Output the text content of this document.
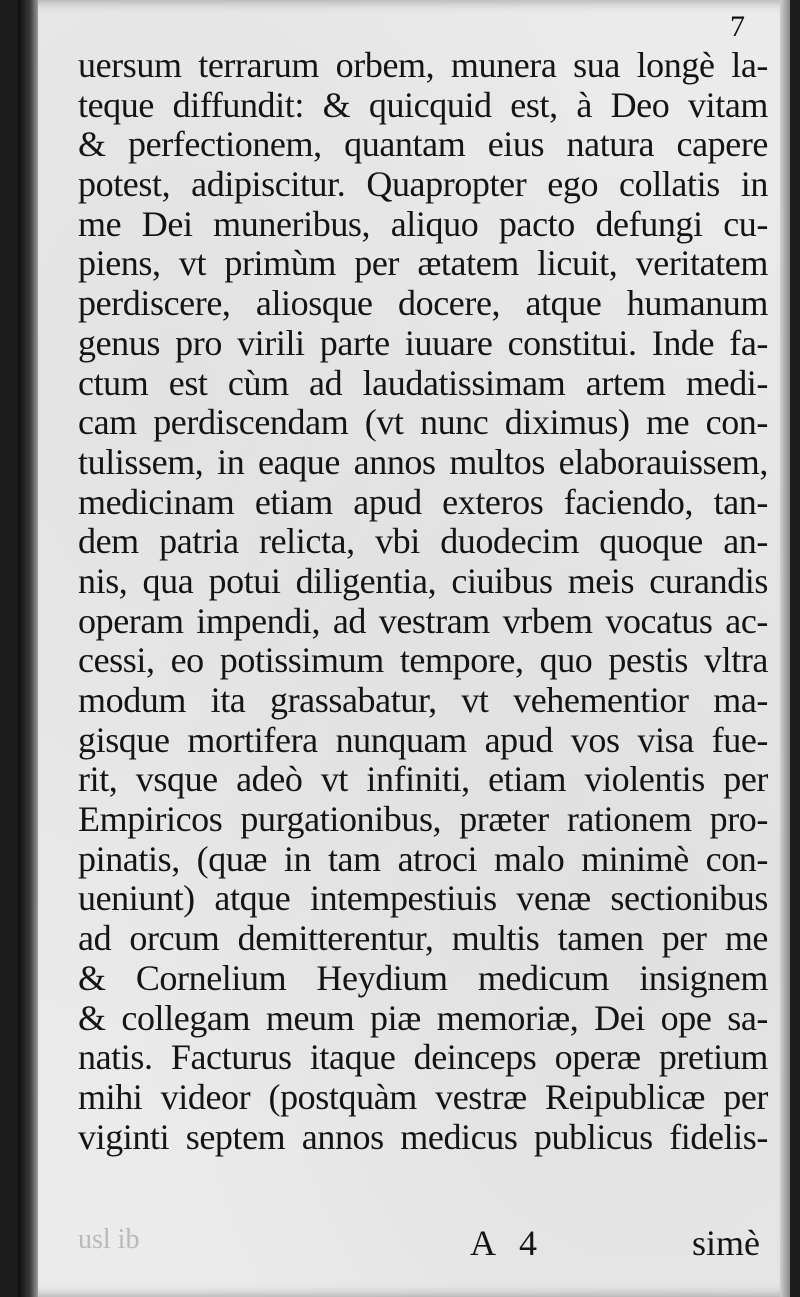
7
uersum terrarum orbem, munera sua longè la-
teque diffundit: & quicquid est, à Deo vitam
& perfectionem, quantam eius natura capere
potest, adipiscitur. Quapropter ego collatis in
me Dei muneribus, aliquo pacto defungi cu-
piens, vt primùm per ætatem licuit, veritatem
perdiscere, aliosque docere, atque humanum
genus pro virili parte iuuare constitui. Inde fa-
ctum est cùm ad laudatissimam artem medi-
cam perdiscendam (vt nunc diximus) me con-
tulissem, in eaque annos multos elaborauissem,
medicinam etiam apud exteros faciendo, tan-
dem patria relicta, vbi duodecim quoque an-
nis, qua potui diligentia, ciuibus meis curandis
operam impendi, ad vestram vrbem vocatus ac-
cessi, eo potissimum tempore, quo pestis vltra
modum ita grassabatur, vt vehementior ma-
gisque mortifera nunquam apud vos visa fue-
rit, vsque adeò vt infiniti, etiam violentis per
Empiricos purgationibus, præter rationem pro-
pinatis, (quæ in tam atroci malo minimè con-
ueniunt) atque intempestiuis venæ sectionibus
ad orcum demitterentur, multis tamen per me
& Cornelium Heydium medicum insignem
& collegam meum piæ memoriæ, Dei ope sa-
natis. Facturus itaque deinceps operæ pretium
mihi videor (postquàm vestræ Reipublicæ per
viginti septem annos medicus publicus fidelis-
usl ib	A 4	simè
